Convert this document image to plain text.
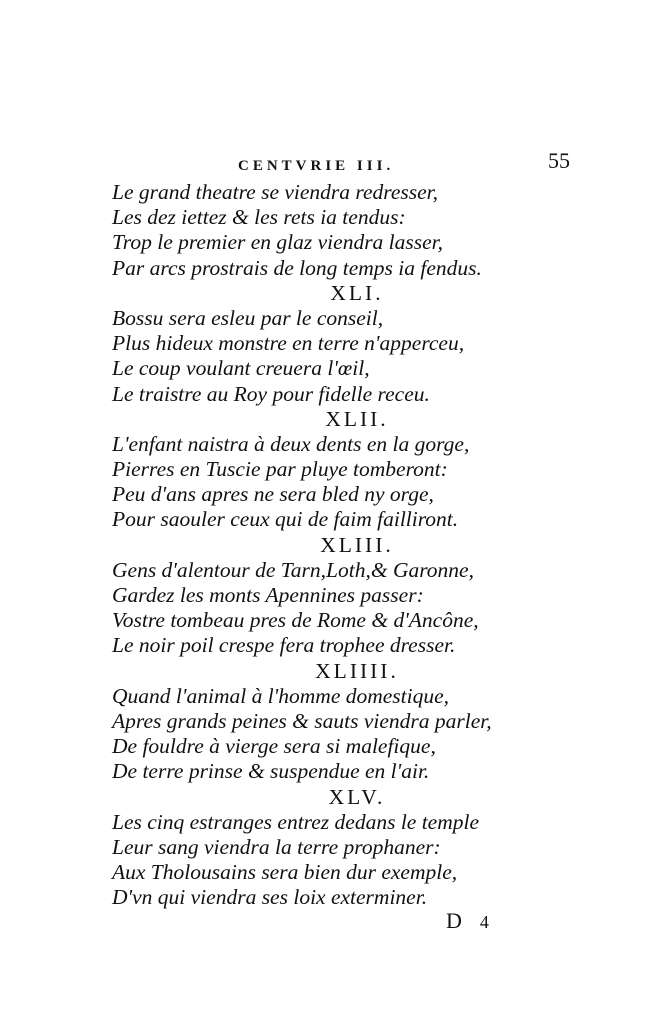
CENTVRIE III.	55
Le grand theatre se viendra redresser,
Les dez iettez & les rets ia tendus:
Trop le premier en glaz viendra lasser,
Par arcs prostrais de long temps ia fendus.
XLI.
Bossu sera esleu par le conseil,
Plus hideux monstre en terre n'apperceu,
Le coup voulant creuera l'œil,
Le traistre au Roy pour fidelle receu.
XLII.
L'enfant naistra à deux dents en la gorge,
Pierres en Tuscie par pluye tomberont:
Peu d'ans apres ne sera bled ny orge,
Pour saouler ceux qui de faim failliront.
XLIII.
Gens d'alentour de Tarn,Loth,& Garonne,
Gardez les monts Apennines passer:
Vostre tombeau pres de Rome & d'Ancône,
Le noir poil crespe fera trophee dresser.
XLIIII.
Quand l'animal à l'homme domestique,
Apres grands peines & sauts viendra parler,
De fouldre à vierge sera si malefique,
De terre prinse & suspendue en l'air.
XLV.
Les cinq estranges entrez dedans le temple
Leur sang viendra la terre prophaner:
Aux Tholousains sera bien dur exemple,
D'vn qui viendra ses loix exterminer.
D 4
